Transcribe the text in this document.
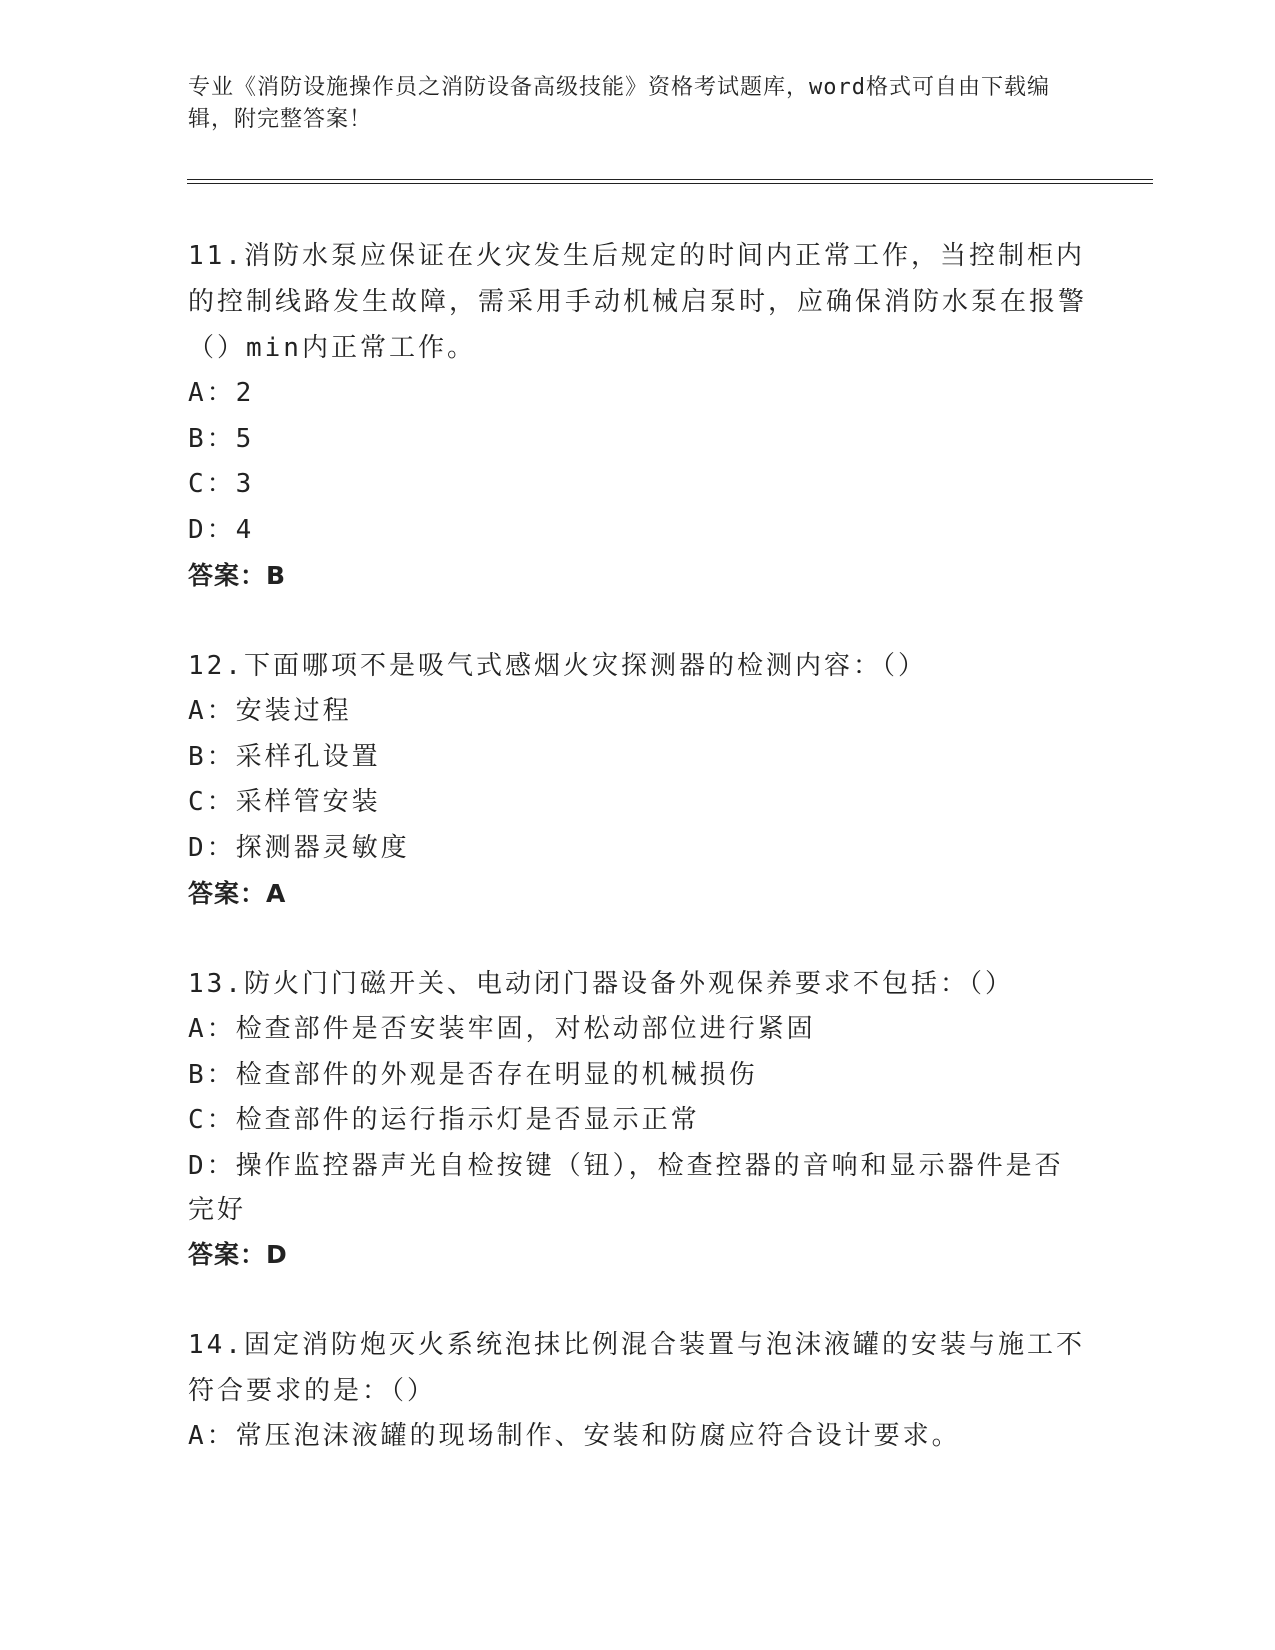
专业《消防设施操作员之消防设备高级技能》资格考试题库，word格式可自由下载编辑，附完整答案！
11.消防水泵应保证在火灾发生后规定的时间内正常工作，当控制柜内的控制线路发生故障，需采用手动机械启泵时，应确保消防水泵在报警（）min内正常工作。
A：2
B：5
C：3
D：4
答案：B
12.下面哪项不是吸气式感烟火灾探测器的检测内容：（）
A：安装过程
B：采样孔设置
C：采样管安装
D：探测器灵敏度
答案：A
13.防火门门磁开关、电动闭门器设备外观保养要求不包括：（）
A：检查部件是否安装牢固，对松动部位进行紧固
B：检查部件的外观是否存在明显的机械损伤
C：检查部件的运行指示灯是否显示正常
D：操作监控器声光自检按键（钮），检查控器的音响和显示器件是否完好
答案：D
14.固定消防炮灭火系统泡抹比例混合装置与泡沫液罐的安装与施工不符合要求的是：（）
A：常压泡沫液罐的现场制作、安装和防腐应符合设计要求。
